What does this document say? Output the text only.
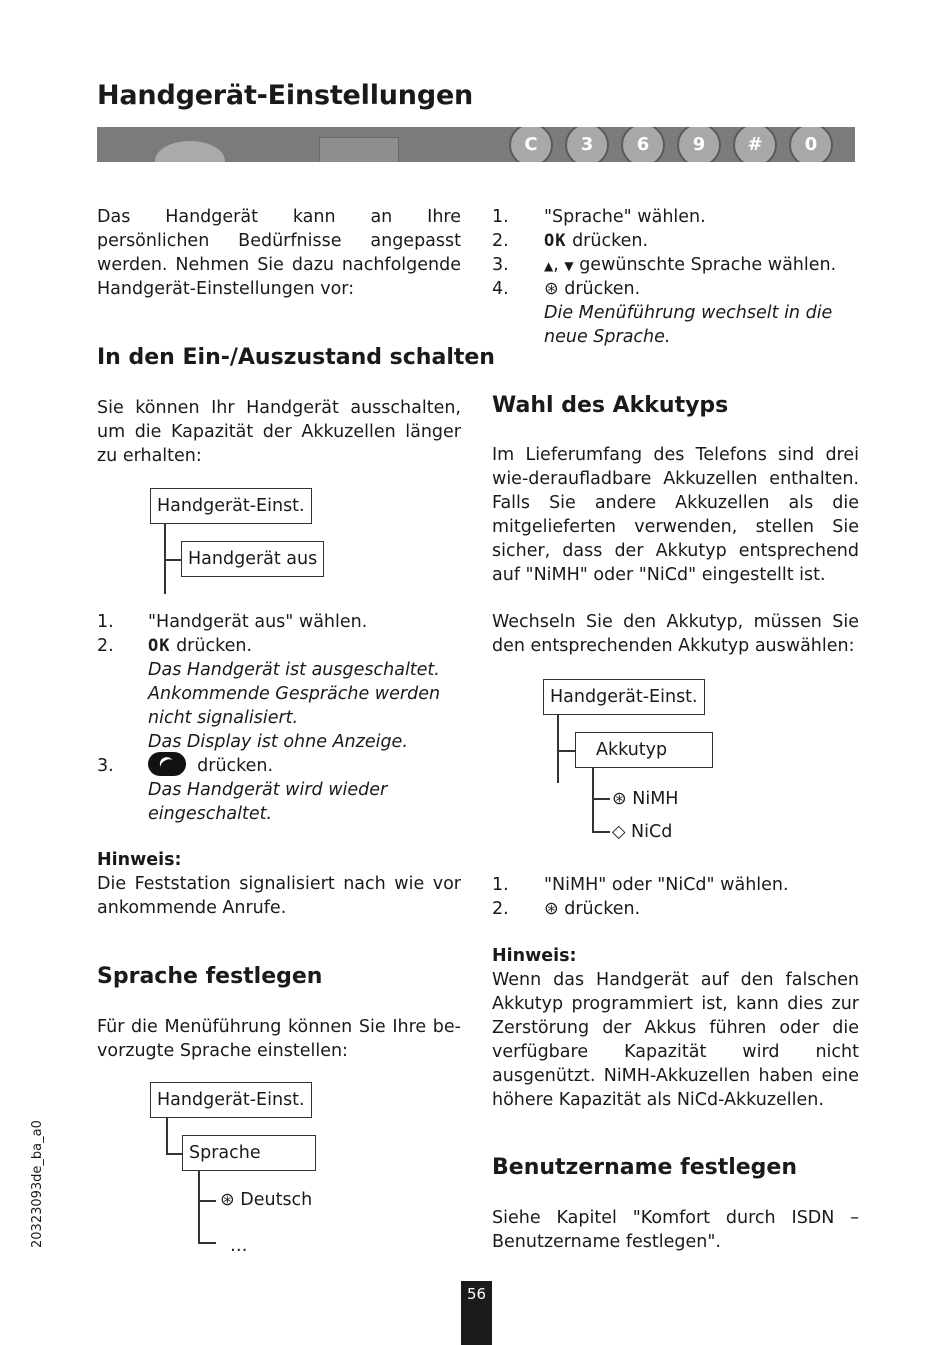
Handgerät-Einstellungen
C	3	6	9	#	0
Das Handgerät kann an Ihre persönlichen Bedürfnisse angepasst werden. Nehmen Sie dazu nachfolgende Handgerät-Einstellungen vor:
In den Ein-/Auszustand schalten
Sie können Ihr Handgerät ausschalten, um die Kapazität der Akkuzellen länger zu erhalten:
Handgerät-Einst.
Handgerät aus
1. "Handgerät aus" wählen.
2. OK drücken.
Das Handgerät ist ausgeschaltet.
Ankommende Gespräche werden
nicht signalisiert.
Das Display ist ohne Anzeige.
3.	drücken.
Das Handgerät wird wieder
eingeschaltet.
Hinweis:
Die Feststation signalisiert nach wie vor ankommende Anrufe.
Sprache festlegen
Für die Menüführung können Sie Ihre be-vorzugte Sprache einstellen:
Handgerät-Einst.
Sprache
⊛ Deutsch
…
1. "Sprache" wählen.
2. OK drücken.
3.	▲, ▼ gewünschte Sprache wählen.
4. ⊛ drücken.
Die Menüführung wechselt in die
neue Sprache.
Wahl des Akkutyps
Im Lieferumfang des Telefons sind drei wie-deraufladbare Akkuzellen enthalten. Falls Sie andere Akkuzellen als die mitgelieferten verwenden, stellen Sie sicher, dass der Akkutyp entsprechend auf "NiMH" oder "NiCd" eingestellt ist.
Wechseln Sie den Akkutyp, müssen Sie den entsprechenden Akkutyp auswählen:
Handgerät-Einst.
Akkutyp
⊛ NiMH
◇ NiCd
1. "NiMH" oder "NiCd" wählen.
2. ⊛ drücken.
Hinweis:
Wenn das Handgerät auf den falschen Akkutyp programmiert ist, kann dies zur Zerstörung der Akkus führen oder die verfügbare Kapazität wird nicht ausgenützt. NiMH-Akkuzellen haben eine höhere Kapazität als NiCd-Akkuzellen.
Benutzername festlegen
Siehe Kapitel "Komfort durch ISDN – Benutzername festlegen".
20323093de_ba_a0
56
